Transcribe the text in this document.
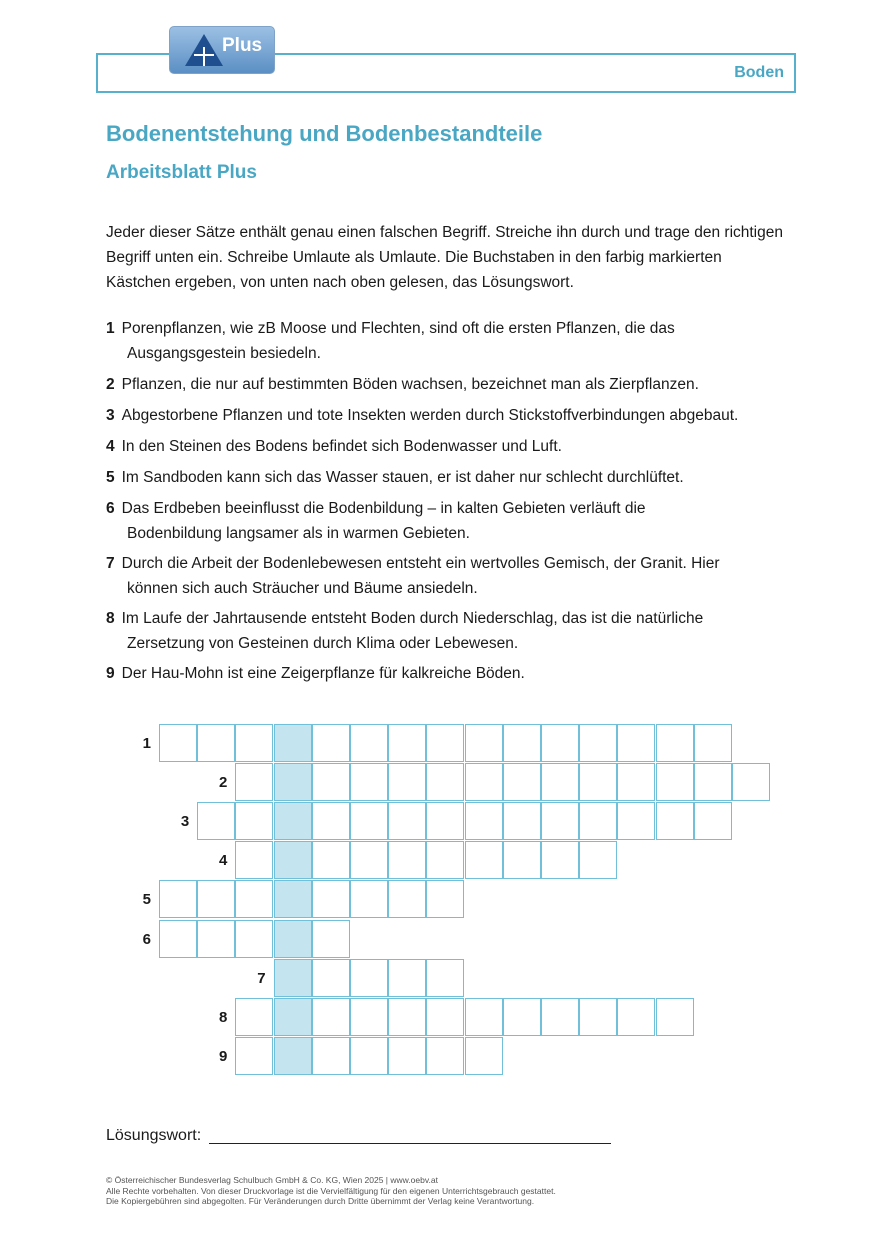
Boden
Plus
Bodenentstehung und Bodenbestandteile
Arbeitsblatt Plus

Jeder dieser Sätze enthält genau einen falschen Begriff. Streiche ihn durch und trage den richtigen Begriff unten ein. Schreibe Umlaute als Umlaute. Die Buchstaben in den farbig markierten Kästchen ergeben, von unten nach oben gelesen, das Lösungswort.

1 Porenpflanzen, wie zB Moose und Flechten, sind oft die ersten Pflanzen, die das
Ausgangsgestein besiedeln.
2 Pflanzen, die nur auf bestimmten Böden wachsen, bezeichnet man als Zierpflanzen.
3 Abgestorbene Pflanzen und tote Insekten werden durch Stickstoffverbindungen abgebaut.
4 In den Steinen des Bodens befindet sich Bodenwasser und Luft.
5 Im Sandboden kann sich das Wasser stauen, er ist daher nur schlecht durchlüftet.
6 Das Erdbeben beeinflusst die Bodenbildung – in kalten Gebieten verläuft die
Bodenbildung langsamer als in warmen Gebieten.
7 Durch die Arbeit der Bodenlebewesen entsteht ein wertvolles Gemisch, der Granit. Hier
können sich auch Sträucher und Bäume ansiedeln.
8 Im Laufe der Jahrtausende entsteht Boden durch Niederschlag, das ist die natürliche
Zersetzung von Gesteinen durch Klima oder Lebewesen.
9 Der Hau-Mohn ist eine Zeigerpflanze für kalkreiche Böden.
1
2
3
4
5
6
7
8
9
Lösungswort:
© Österreichischer Bundesverlag Schulbuch GmbH & Co. KG, Wien 2025 | www.oebv.at
Alle Rechte vorbehalten. Von dieser Druckvorlage ist die Vervielfältigung für den eigenen Unterrichtsgebrauch gestattet.
Die Kopiergebühren sind abgegolten. Für Veränderungen durch Dritte übernimmt der Verlag keine Verantwortung.
